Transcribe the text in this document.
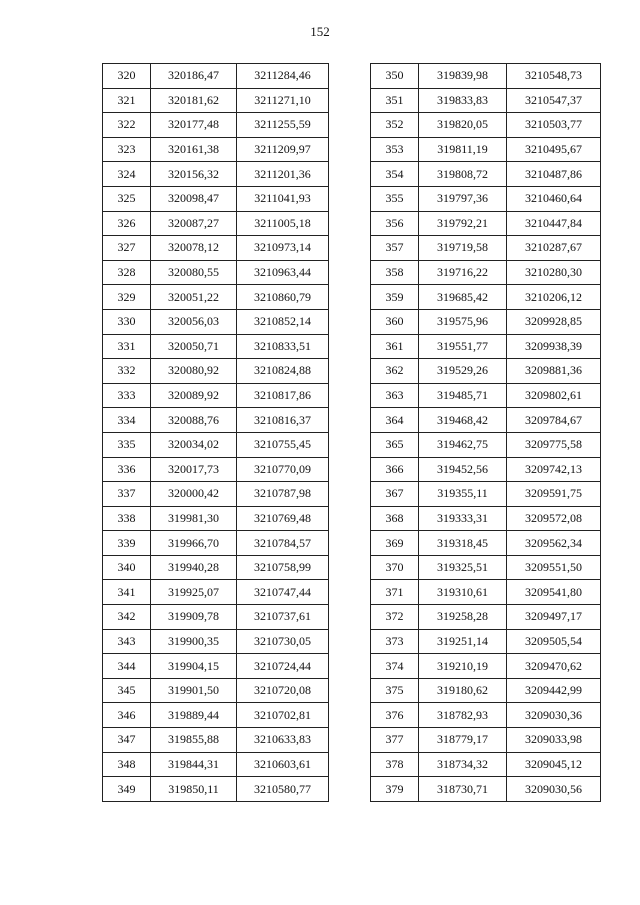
152
320	320186,47	3211284,46
321	320181,62	3211271,10
322	320177,48	3211255,59
323	320161,38	3211209,97
324	320156,32	3211201,36
325	320098,47	3211041,93
326	320087,27	3211005,18
327	320078,12	3210973,14
328	320080,55	3210963,44
329	320051,22	3210860,79
330	320056,03	3210852,14
331	320050,71	3210833,51
332	320080,92	3210824,88
333	320089,92	3210817,86
334	320088,76	3210816,37
335	320034,02	3210755,45
336	320017,73	3210770,09
337	320000,42	3210787,98
338	319981,30	3210769,48
339	319966,70	3210784,57
340	319940,28	3210758,99
341	319925,07	3210747,44
342	319909,78	3210737,61
343	319900,35	3210730,05
344	319904,15	3210724,44
345	319901,50	3210720,08
346	319889,44	3210702,81
347	319855,88	3210633,83
348	319844,31	3210603,61
349	319850,11	3210580,77
350	319839,98	3210548,73
351	319833,83	3210547,37
352	319820,05	3210503,77
353	319811,19	3210495,67
354	319808,72	3210487,86
355	319797,36	3210460,64
356	319792,21	3210447,84
357	319719,58	3210287,67
358	319716,22	3210280,30
359	319685,42	3210206,12
360	319575,96	3209928,85
361	319551,77	3209938,39
362	319529,26	3209881,36
363	319485,71	3209802,61
364	319468,42	3209784,67
365	319462,75	3209775,58
366	319452,56	3209742,13
367	319355,11	3209591,75
368	319333,31	3209572,08
369	319318,45	3209562,34
370	319325,51	3209551,50
371	319310,61	3209541,80
372	319258,28	3209497,17
373	319251,14	3209505,54
374	319210,19	3209470,62
375	319180,62	3209442,99
376	318782,93	3209030,36
377	318779,17	3209033,98
378	318734,32	3209045,12
379	318730,71	3209030,56
